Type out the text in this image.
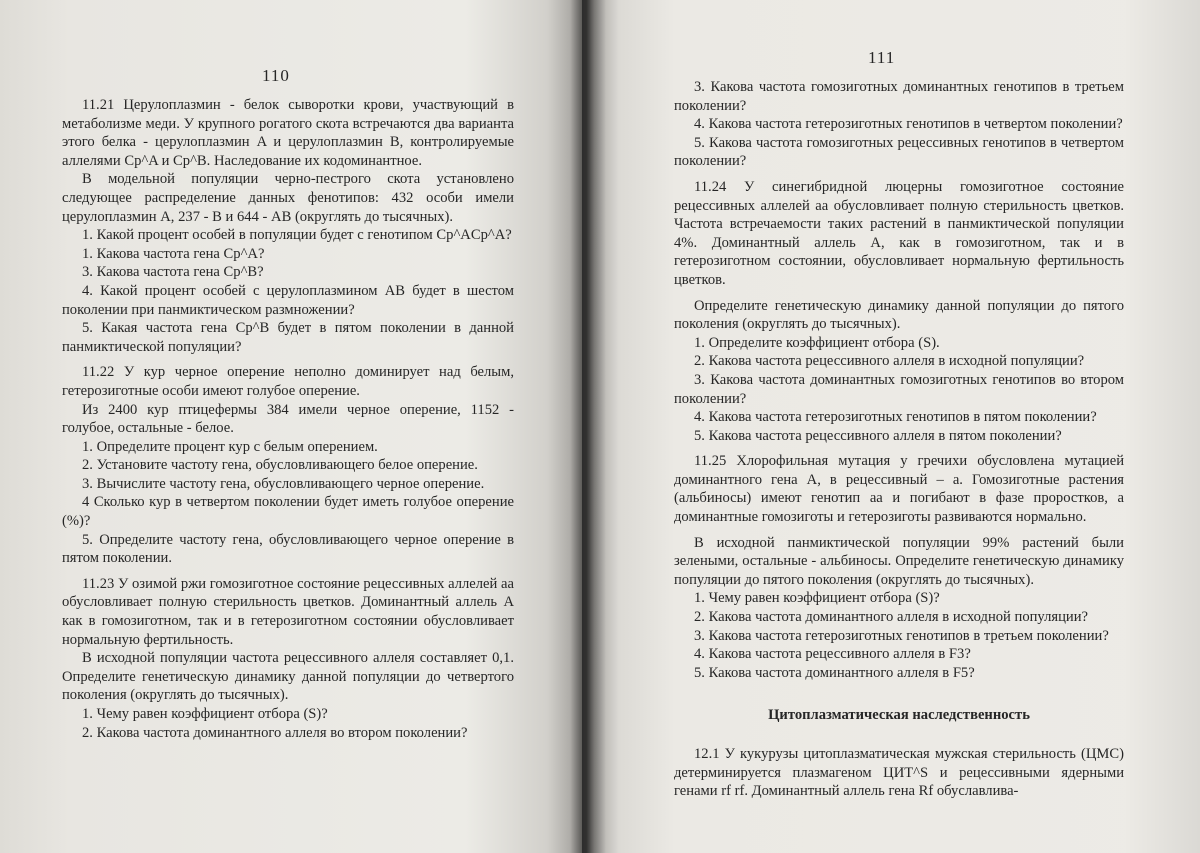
110

11.21 Церулоплазмин - белок сыворотки крови, участвующий в метаболизме меди. У крупного рогатого скота встречаются два варианта этого белка - церулоплазмин A и церулоплазмин B, контролируемые аллелями Cp^A и Cp^B. Наследование их кодоминантное.

В модельной популяции черно-пестрого скота установлено следующее распределение данных фенотипов: 432 особи имели церулоплазмин A, 237 - B и 644 - AB (округлять до тысячных).

1. Какой процент особей в популяции будет с генотипом Cp^ACp^A?

1. Какова частота гена Cp^A?

3. Какова частота гена Cp^B?

4. Какой процент особей с церулоплазмином AB будет в шестом поколении при панмиктическом размножении?

5. Какая частота гена Cp^B будет в пятом поколении в данной панмиктической популяции?

11.22 У кур черное оперение неполно доминирует над белым, гетерозиготные особи имеют голубое оперение.

Из 2400 кур птицефермы 384 имели черное оперение, 1152 - голубое, остальные - белое.

1. Определите процент кур с белым оперением.

2. Установите частоту гена, обусловливающего белое оперение.

3. Вычислите частоту гена, обусловливающего черное оперение.

4 Сколько кур в четвертом поколении будет иметь голубое оперение (%)?

5. Определите частоту гена, обусловливающего черное оперение в пятом поколении.

11.23 У озимой ржи гомозиготное состояние рецессивных аллелей aa обусловливает полную стерильность цветков. Доминантный аллель A как в гомозиготном, так и в гетерозиготном состоянии обусловливает нормальную фертильность.

В исходной популяции частота рецессивного аллеля составляет 0,1. Определите генетическую динамику данной популяции до четвертого поколения (округлять до тысячных).

1. Чему равен коэффициент отбора (S)?

2. Какова частота доминантного аллеля во втором поколении?

111

3. Какова частота гомозиготных доминантных генотипов в третьем поколении?

4. Какова частота гетерозиготных генотипов в четвертом поколении?

5. Какова частота гомозиготных рецессивных генотипов в четвертом поколении?

11.24 У синегибридной люцерны гомозиготное состояние рецессивных аллелей aa обусловливает полную стерильность цветков. Частота встречаемости таких растений в панмиктической популяции 4%. Доминантный аллель A, как в гомозиготном, так и в гетерозиготном состоянии, обусловливает нормальную фертильность цветков.

Определите генетическую динамику данной популяции до пятого поколения (округлять до тысячных).

1. Определите коэффициент отбора (S).

2. Какова частота рецессивного аллеля в исходной популяции?

3. Какова частота доминантных гомозиготных генотипов во втором поколении?

4. Какова частота гетерозиготных генотипов в пятом поколении?

5. Какова частота рецессивного аллеля в пятом поколении?

11.25 Хлорофильная мутация у гречихи обусловлена мутацией доминантного гена A, в рецессивный – a. Гомозиготные растения (альбиносы) имеют генотип aa и погибают в фазе проростков, а доминантные гомозиготы и гетерозиготы развиваются нормально.

В исходной панмиктической популяции 99% растений были зелеными, остальные - альбиносы. Определите генетическую динамику популяции до пятого поколения (округлять до тысячных).

1. Чему равен коэффициент отбора (S)?

2. Какова частота доминантного аллеля в исходной популяции?

3. Какова частота гетерозиготных генотипов в третьем поколении?

4. Какова частота рецессивного аллеля в F3?

5. Какова частота доминантного аллеля в F5?

Цитоплазматическая наследственность

12.1 У кукурузы цитоплазматическая мужская стерильность (ЦМС) детерминируется плазмагеном ЦИТ^S и рецессивными ядерными генами rf rf. Доминантный аллель гена Rf обуславлива-
